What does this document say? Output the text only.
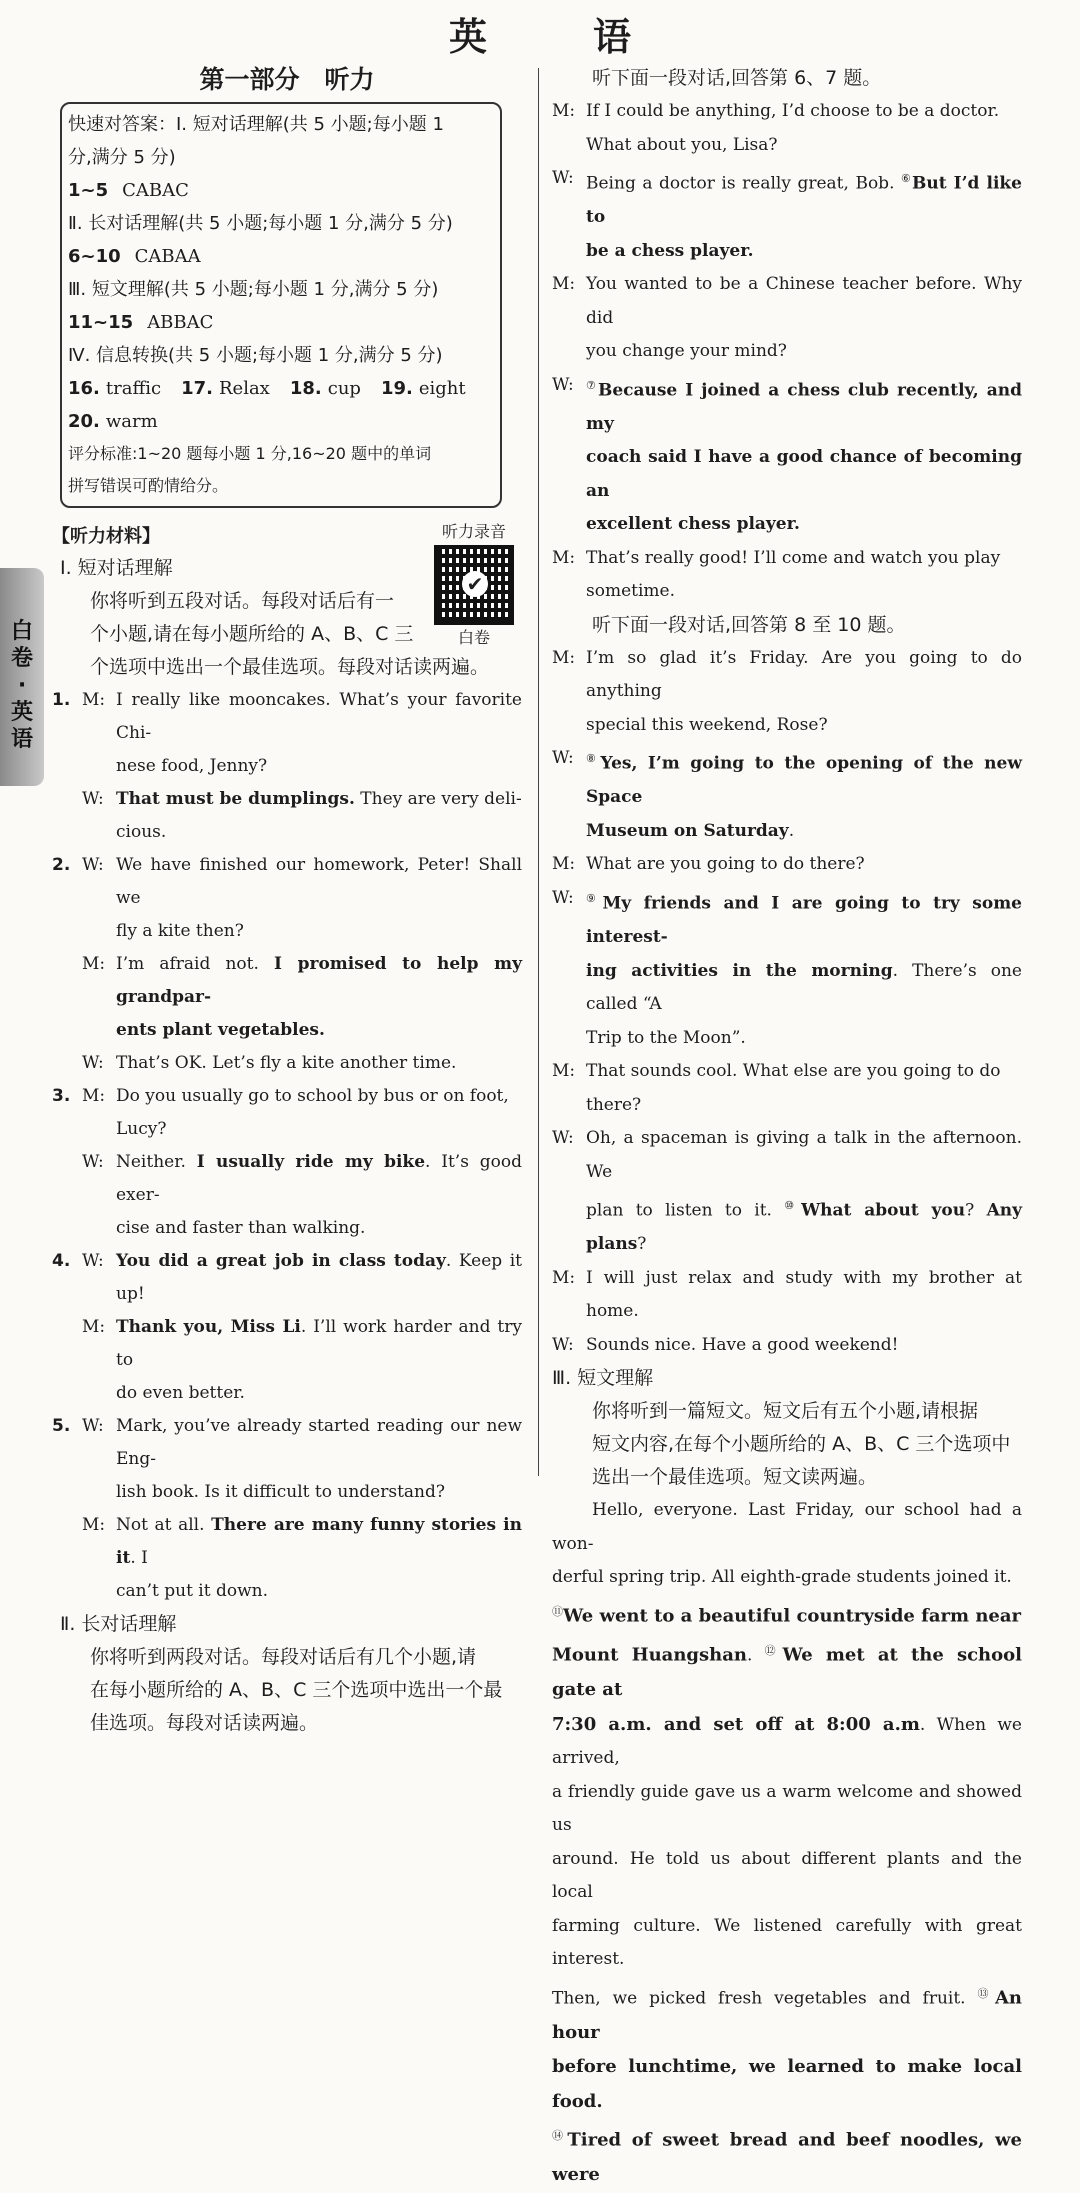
英　语
白卷·英语
第一部分　听力
快速对答案：Ⅰ. 短对话理解(共 5 小题;每小题 1
分,满分 5 分)
1~5 CABAC
Ⅱ. 长对话理解(共 5 小题;每小题 1 分,满分 5 分)
6~10 CABAA
Ⅲ. 短文理解(共 5 小题;每小题 1 分,满分 5 分)
11~15 ABBAC
Ⅳ. 信息转换(共 5 小题;每小题 1 分,满分 5 分)
16. traffic 17. Relax 18. cup 19. eight
20. warm
评分标准:1~20 题每小题 1 分,16~20 题中的单词
拼写错误可酌情给分。
听力录音
✔
白卷
【听力材料】
Ⅰ. 短对话理解
你将听到五段对话。每段对话后有一
个小题,请在每小题所给的 A、B、C 三
个选项中选出一个最佳选项。每段对话读两遍。
1. M: I really like mooncakes. What’s your favorite Chi-
nese food, Jenny?
W: That must be dumplings. They are very deli-
cious.
2. W: We have finished our homework, Peter! Shall we
fly a kite then?
M: I’m afraid not. I promised to help my grandpar-
ents plant vegetables.
W: That’s OK. Let’s fly a kite another time.
3. M: Do you usually go to school by bus or on foot,
Lucy?
W: Neither. I usually ride my bike. It’s good exer-
cise and faster than walking.
4. W: You did a great job in class today. Keep it up!
M: Thank you, Miss Li. I’ll work harder and try to
do even better.
5. W: Mark, you’ve already started reading our new Eng-
lish book. Is it difficult to understand?
M: Not at all. There are many funny stories in it. I
can’t put it down.
Ⅱ. 长对话理解
你将听到两段对话。每段对话后有几个小题,请
在每小题所给的 A、B、C 三个选项中选出一个最
佳选项。每段对话读两遍。
听下面一段对话,回答第 6、7 题。
M: If I could be anything, I’d choose to be a doctor.
What about you, Lisa?
W: Being a doctor is really great, Bob. ⑥But I’d like to
be a chess player.
M: You wanted to be a Chinese teacher before. Why did
you change your mind?
W: ⑦Because I joined a chess club recently, and my
coach said I have a good chance of becoming an
excellent chess player.
M: That’s really good! I’ll come and watch you play
sometime.
听下面一段对话,回答第 8 至 10 题。
M: I’m so glad it’s Friday. Are you going to do anything
special this weekend, Rose?
W: ⑧Yes, I’m going to the opening of the new Space
Museum on Saturday.
M: What are you going to do there?
W: ⑨My friends and I are going to try some interest-
ing activities in the morning. There’s one called “A
Trip to the Moon”.
M: That sounds cool. What else are you going to do
there?
W: Oh, a spaceman is giving a talk in the afternoon. We
plan to listen to it. ⑩What about you? Any plans?
M: I will just relax and study with my brother at home.
W: Sounds nice. Have a good weekend!
Ⅲ. 短文理解
你将听到一篇短文。短文后有五个小题,请根据
短文内容,在每个小题所给的 A、B、C 三个选项中
选出一个最佳选项。短文读两遍。
Hello, everyone. Last Friday, our school had a won-
derful spring trip. All eighth-grade students joined it.
⑪We went to a beautiful countryside farm near
Mount Huangshan. ⑫We met at the school gate at
7:30 a.m. and set off at 8:00 a.m. When we arrived,
a friendly guide gave us a warm welcome and showed us
around. He told us about different plants and the local
farming culture. We listened carefully with great interest.
Then, we picked fresh vegetables and fruit. ⑬An hour
before lunchtime, we learned to make local food.
⑭Tired of sweet bread and beef noodles, we were
